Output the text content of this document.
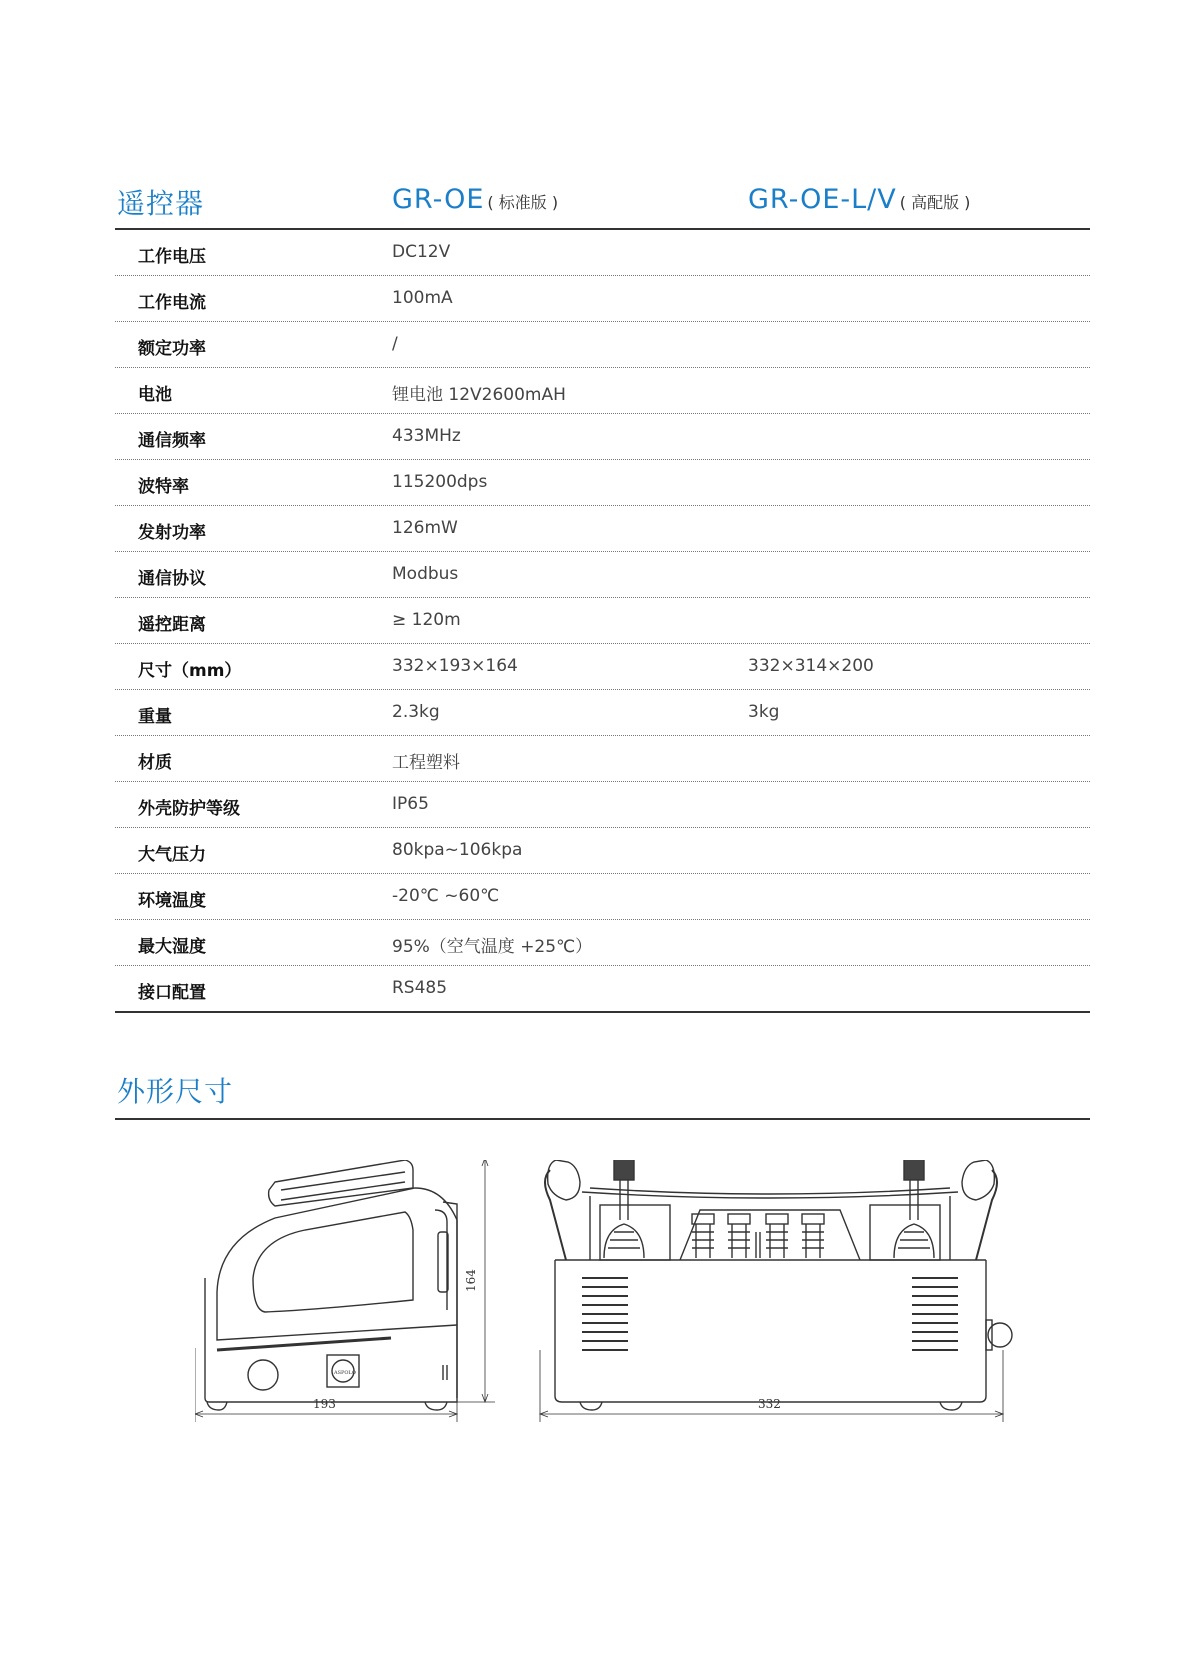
遥控器	GR-OE ( 标准版 )	GR-OE-L/V ( 高配版 )
工作电压	DC12V
工作电流	100mA
额定功率	/
电池	锂电池 12V2600mAH
通信频率	433MHz
波特率	115200dps
发射功率	126mW
通信协议	Modbus
遥控距离	≥ 120m
尺寸（mm）	332×193×164	332×314×200
重量	2.3kg	3kg
材质	工程塑料
外壳防护等级	IP65
大气压力	80kpa~106kpa
环境温度	-20℃ ~60℃
最大湿度	95%（空气温度 +25℃）
接口配置	RS485
外形尺寸
ASPOLO
164
193	332
